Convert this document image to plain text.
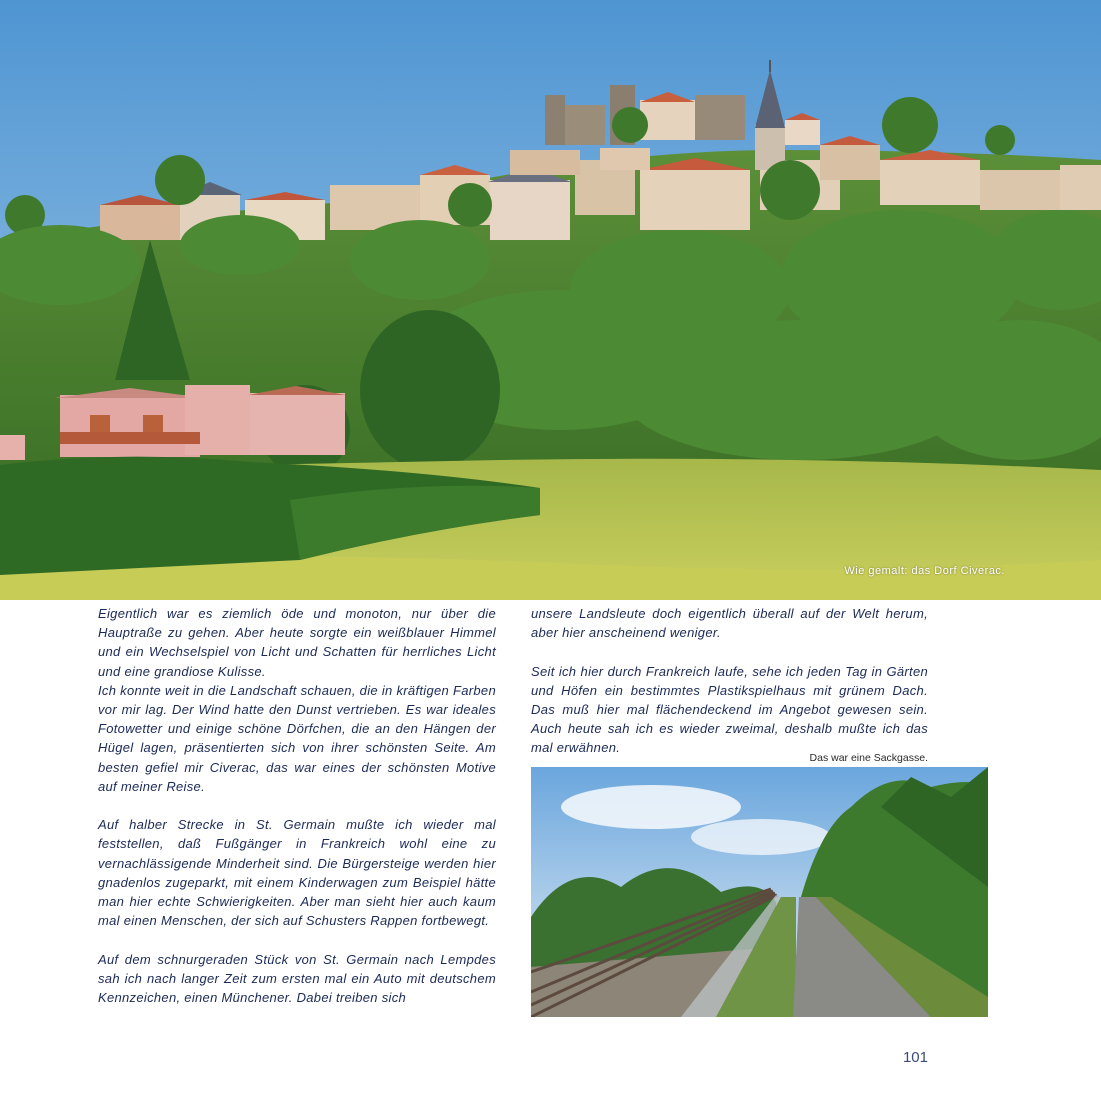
Wie gemalt: das Dorf Civerac.

Eigentlich war es ziemlich öde und monoton, nur über die Hauptraße zu gehen. Aber heute sorgte ein weißblauer Himmel und ein Wechselspiel von Licht und Schatten für herrliches Licht und eine grandiose Kulisse.
Ich konnte weit in die Landschaft schauen, die in kräftigen Farben vor mir lag. Der Wind hatte den Dunst vertrieben. Es war ideales Fotowetter und einige schöne Dörfchen, die an den Hängen der Hügel lagen, präsentierten sich von ihrer schönsten Seite. Am besten gefiel mir Civerac, das war eines der schönsten Motive auf meiner Reise.

Auf halber Strecke in St. Germain mußte ich wieder mal feststellen, daß Fußgänger in Frankreich wohl eine zu vernachlässigende Minderheit sind. Die Bürgersteige werden hier gnadenlos zugeparkt, mit einem Kinderwagen zum Beispiel hätte man hier echte Schwierigkeiten. Aber man sieht hier auch kaum mal einen Menschen, der sich auf Schusters Rappen fortbewegt.

Auf dem schnurgeraden Stück von St. Germain nach Lempdes sah ich nach langer Zeit zum ersten mal ein Auto mit deutschem Kennzeichen, einen Münchener. Dabei treiben sich

unsere Landsleute doch eigentlich überall auf der Welt herum, aber hier anscheinend weniger.

Seit ich hier durch Frankreich laufe, sehe ich jeden Tag in Gärten und Höfen ein bestimmtes Plastikspielhaus mit grünem Dach. Das muß hier mal flächendeckend im Angebot gewesen sein. Auch heute sah ich es wieder zweimal, deshalb mußte ich das mal erwähnen.

Das war eine Sackgasse.
101
